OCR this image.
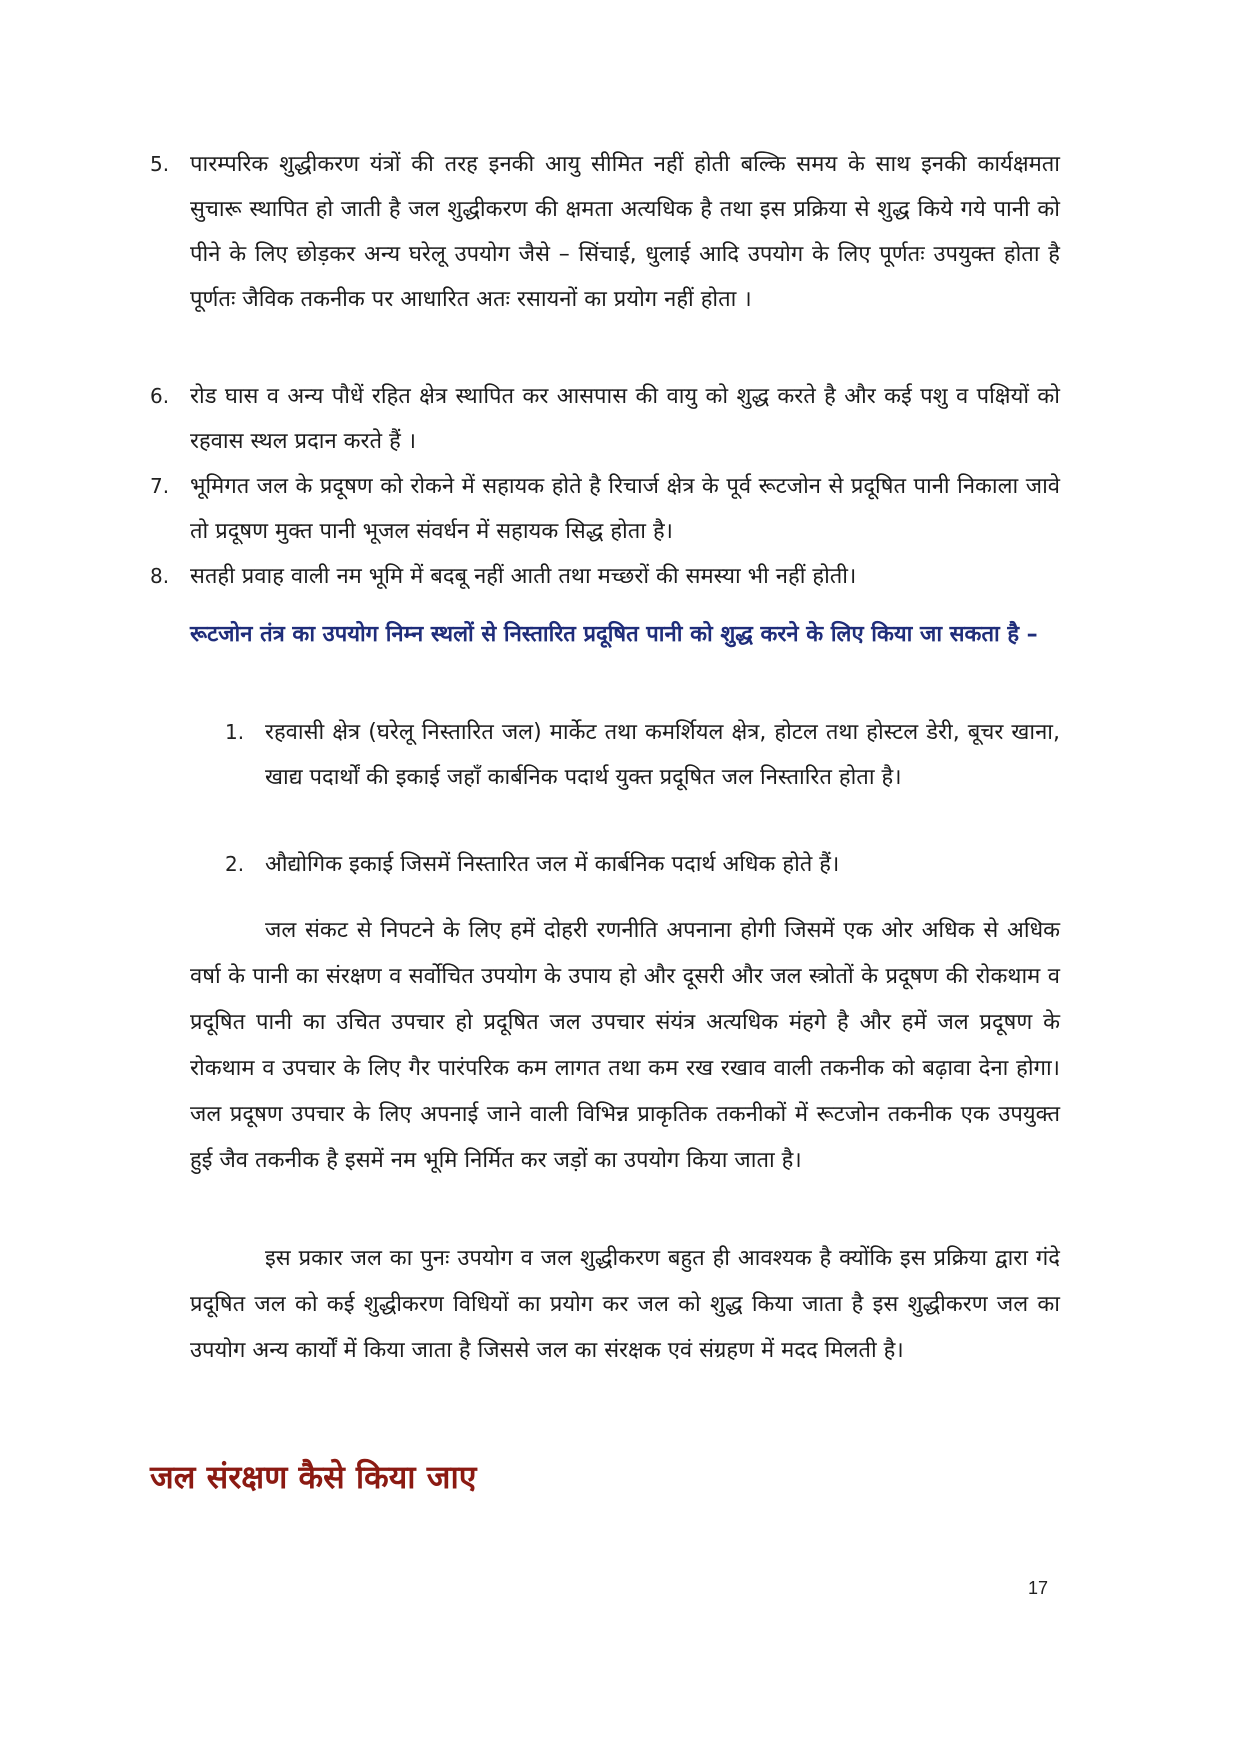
5. पारम्परिक शुद्धीकरण यंत्रों की तरह इनकी आयु सीमित नहीं होती बल्कि समय के साथ इनकी कार्यक्षमता सुचारू स्थापित हो जाती है जल शुद्धीकरण की क्षमता अत्यधिक है तथा इस प्रक्रिया से शुद्ध किये गये पानी को पीने के लिए छोड़कर अन्य घरेलू उपयोग जैसे – सिंचाई, धुलाई आदि उपयोग के लिए पूर्णतः उपयुक्त होता है पूर्णतः जैविक तकनीक पर आधारित अतः रसायनों का प्रयोग नहीं होता ।
6. रोड घास व अन्य पौधें रहित क्षेत्र स्थापित कर आसपास की वायु को शुद्ध करते है और कई पशु व पक्षियों को रहवास स्थल प्रदान करते हैं ।
7. भूमिगत जल के प्रदूषण को रोकने में सहायक होते है रिचार्ज क्षेत्र के पूर्व रूटजोन से प्रदूषित पानी निकाला जावे तो प्रदूषण मुक्त पानी भूजल संवर्धन में सहायक सिद्ध होता है।
8. सतही प्रवाह वाली नम भूमि में बदबू नहीं आती तथा मच्छरों की समस्या भी नहीं होती।
रूटजोन तंत्र का उपयोग निम्न स्थलों से निस्तारित प्रदूषित पानी को शुद्ध करने के लिए किया जा सकता है –
1. रहवासी क्षेत्र (घरेलू निस्तारित जल) मार्केट तथा कमर्शियल क्षेत्र, होटल तथा होस्टल डेरी, बूचर खाना, खाद्य पदार्थों की इकाई जहाँ कार्बनिक पदार्थ युक्त प्रदूषित जल निस्तारित होता है।
2. औद्योगिक इकाई जिसमें निस्तारित जल में कार्बनिक पदार्थ अधिक होते हैं।
जल संकट से निपटने के लिए हमें दोहरी रणनीति अपनाना होगी जिसमें एक ओर अधिक से अधिक वर्षा के पानी का संरक्षण व सर्वोचित उपयोग के उपाय हो और दूसरी और जल स्त्रोतों के प्रदूषण की रोकथाम व प्रदूषित पानी का उचित उपचार हो प्रदूषित जल उपचार संयंत्र अत्यधिक मंहगे है और हमें जल प्रदूषण के रोकथाम व उपचार के लिए गैर पारंपरिक कम लागत तथा कम रख रखाव वाली तकनीक को बढ़ावा देना होगा। जल प्रदूषण उपचार के लिए अपनाई जाने वाली विभिन्न प्राकृतिक तकनीकों में रूटजोन तकनीक एक उपयुक्त हुई जैव तकनीक है इसमें नम भूमि निर्मित कर जड़ों का उपयोग किया जाता है।
इस प्रकार जल का पुनः उपयोग व जल शुद्धीकरण बहुत ही आवश्यक है क्योंकि इस प्रक्रिया द्वारा गंदे प्रदूषित जल को कई शुद्धीकरण विधियों का प्रयोग कर जल को शुद्ध किया जाता है इस शुद्धीकरण जल का उपयोग अन्य कार्यों में किया जाता है जिससे जल का संरक्षक एवं संग्रहण में मदद मिलती है।
जल संरक्षण कैसे किया जाए
17
